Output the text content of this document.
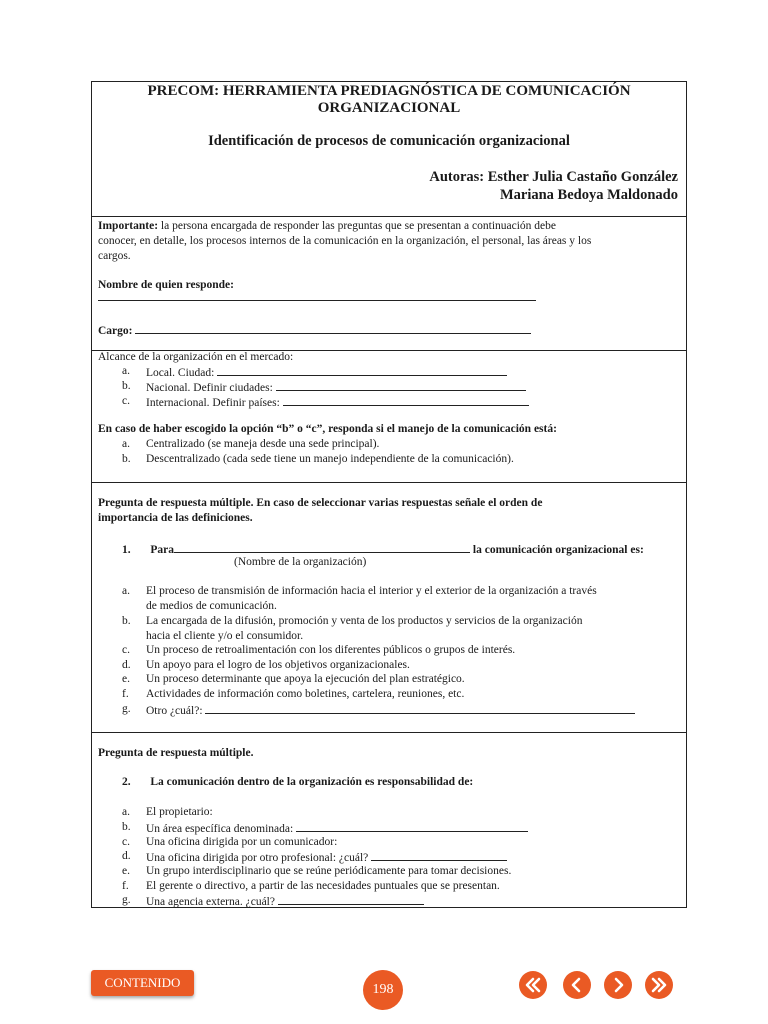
PRECOM: HERRAMIENTA PREDIAGNÓSTICA DE COMUNICACIÓN
ORGANIZACIONAL
Identificación de procesos de comunicación organizacional
Autoras: Esther Julia Castaño González
Mariana Bedoya Maldonado
Importante: la persona encargada de responder las preguntas que se presentan a continuación debe
conocer, en detalle, los procesos internos de la comunicación en la organización, el personal, las áreas y los
cargos.
Nombre de quien responde:
Cargo:
Alcance de la organización en el mercado:
a. Local. Ciudad:
b. Nacional. Definir ciudades:
c. Internacional. Definir países:
En caso de haber escogido la opción “b” o “c”, responda si el manejo de la comunicación está:
a. Centralizado (se maneja desde una sede principal).
b. Descentralizado (cada sede tiene un manejo independiente de la comunicación).
Pregunta de respuesta múltiple. En caso de seleccionar varias respuestas señale el orden de
importancia de las definiciones.
1. Para	la comunicación organizacional es:
(Nombre de la organización)
a. El proceso de transmisión de información hacia el interior y el exterior de la organización a través
de medios de comunicación.
b. La encargada de la difusión, promoción y venta de los productos y servicios de la organización
hacia el cliente y/o el consumidor.
c. Un proceso de retroalimentación con los diferentes públicos o grupos de interés.
d. Un apoyo para el logro de los objetivos organizacionales.
e. Un proceso determinante que apoya la ejecución del plan estratégico.
f. Actividades de información como boletines, cartelera, reuniones, etc.
g. Otro ¿cuál?:
Pregunta de respuesta múltiple.
2. La comunicación dentro de la organización es responsabilidad de:
a. El propietario:
b. Un área específica denominada:
c. Una oficina dirigida por un comunicador:
d. Una oficina dirigida por otro profesional: ¿cuál?
e. Un grupo interdisciplinario que se reúne periódicamente para tomar decisiones.
f. El gerente o directivo, a partir de las necesidades puntuales que se presentan.
g. Una agencia externa. ¿cuál?
CONTENIDO	198
